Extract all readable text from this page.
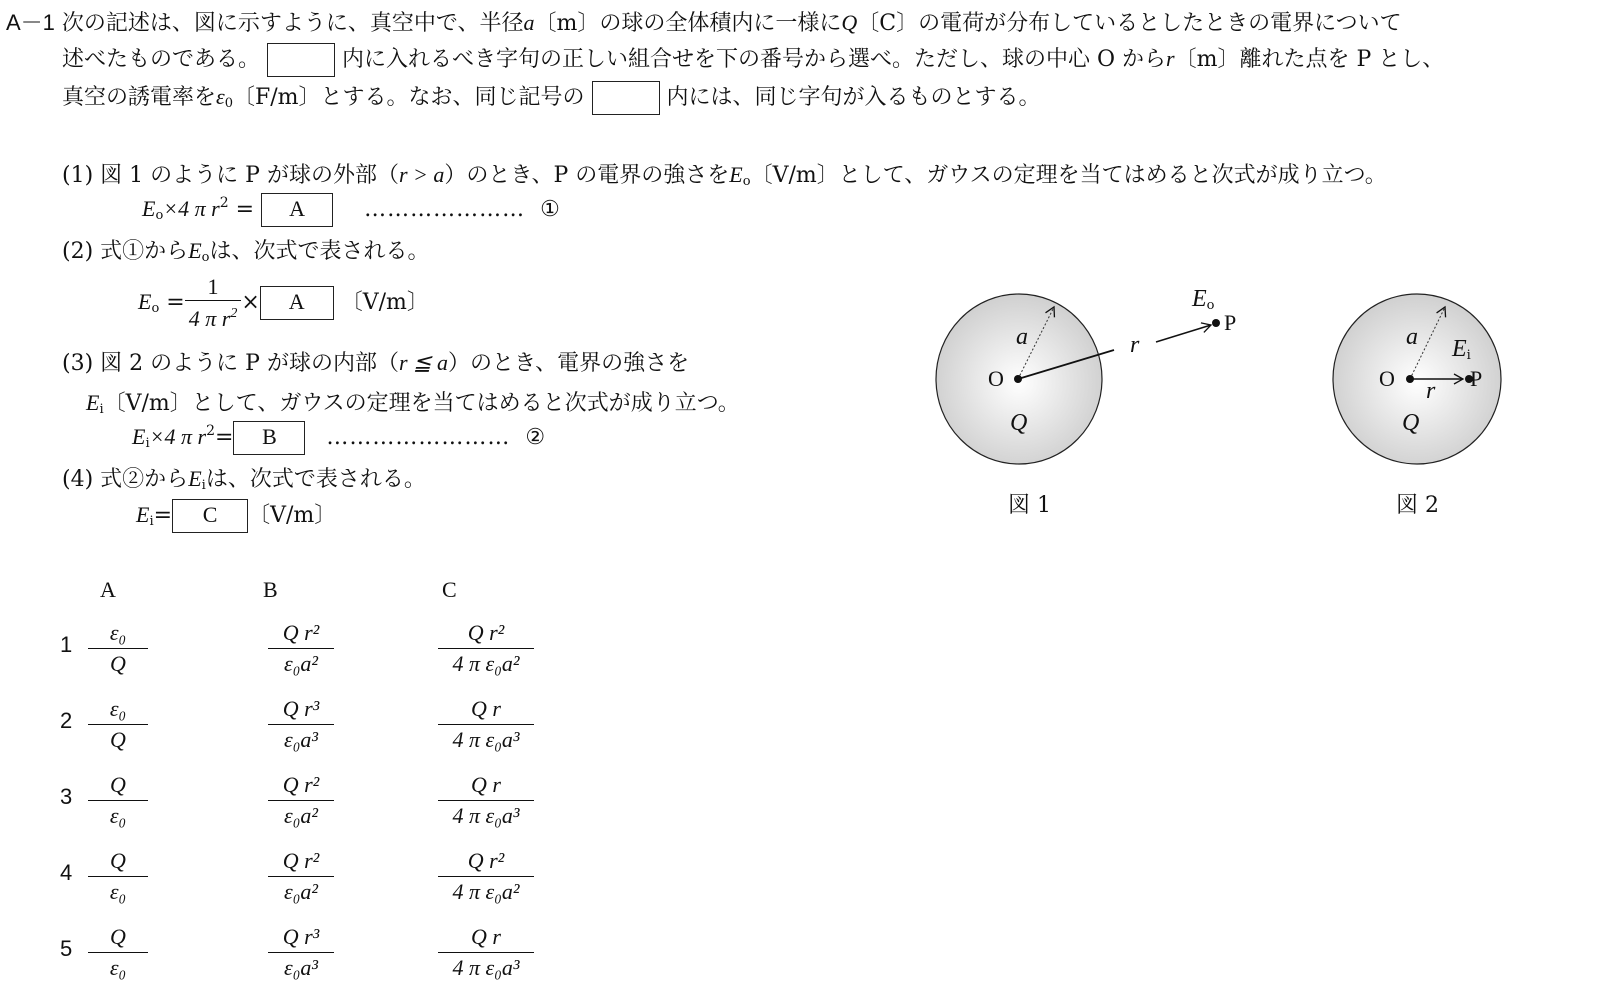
A－1 次の記述は、図に示すように、真空中で、半径a〔m〕の球の全体積内に一様にQ〔C〕の電荷が分布しているとしたときの電界について
述べたものである。	内に入れるべき字句の正しい組合せを下の番号から選べ。ただし、球の中心 O からr〔m〕離れた点を P とし、
真空の誘電率を$\varepsilon_0$〔F/m〕とする。なお、同じ記号の	内には、同じ字句が入るものとする。
(1) 図 1 のように P が球の外部（r > a）のとき、P の電界の強さを$E_o$〔V/m〕として、ガウスの定理を当てはめると次式が成り立つ。
$E_o\times 4$ π $r^2 = A$	………………… ①
(2) 式①から$E_o$は、次式で表される。
$E_o = \frac{1}{4 \pi r^2} \times A$ 〔V/m〕
(3) 図 2 のように P が球の内部（r ≦ a）のとき、電界の強さを
$E_i$〔V/m〕として、ガウスの定理を当てはめると次式が成り立つ。
$E_i\times 4$ π $r^2= B$ …………………… ②
(4) 式②から$E_i$は、次式で表される。
$E_i= C$ 〔V/m〕
O
a
Q
r
$E_o$
P
図 1
O
a
Q
r
$E_i$
P
図 2
A	B	C
$1 \frac{\text{ε₀}}{Q}$	$\frac{\text{Q r²}}{\text{ε₀a²}}$	$\frac{\text{Q r²}}{\text{4 π ε₀a²}}$
$2 \frac{\text{ε₀}}{Q}$	$\frac{\text{Q r³}}{\text{ε₀a³}}$	$\frac{\text{Q r}}{\text{4 π ε₀a³}}$
$3 \frac{Q}{\text{ε₀}}$	$\frac{\text{Q r²}}{\text{ε₀a²}}$	$\frac{\text{Q r}}{\text{4 π ε₀a³}}$
$4 \frac{Q}{\text{ε₀}}$	$\frac{\text{Q r²}}{\text{ε₀a²}}$	$\frac{\text{Q r²}}{\text{4 π ε₀a²}}$
$5 \frac{Q}{\text{ε₀}}$	$\frac{\text{Q r³}}{\text{ε₀a³}}$	$\frac{\text{Q r}}{\text{4 π ε₀a³}}$
